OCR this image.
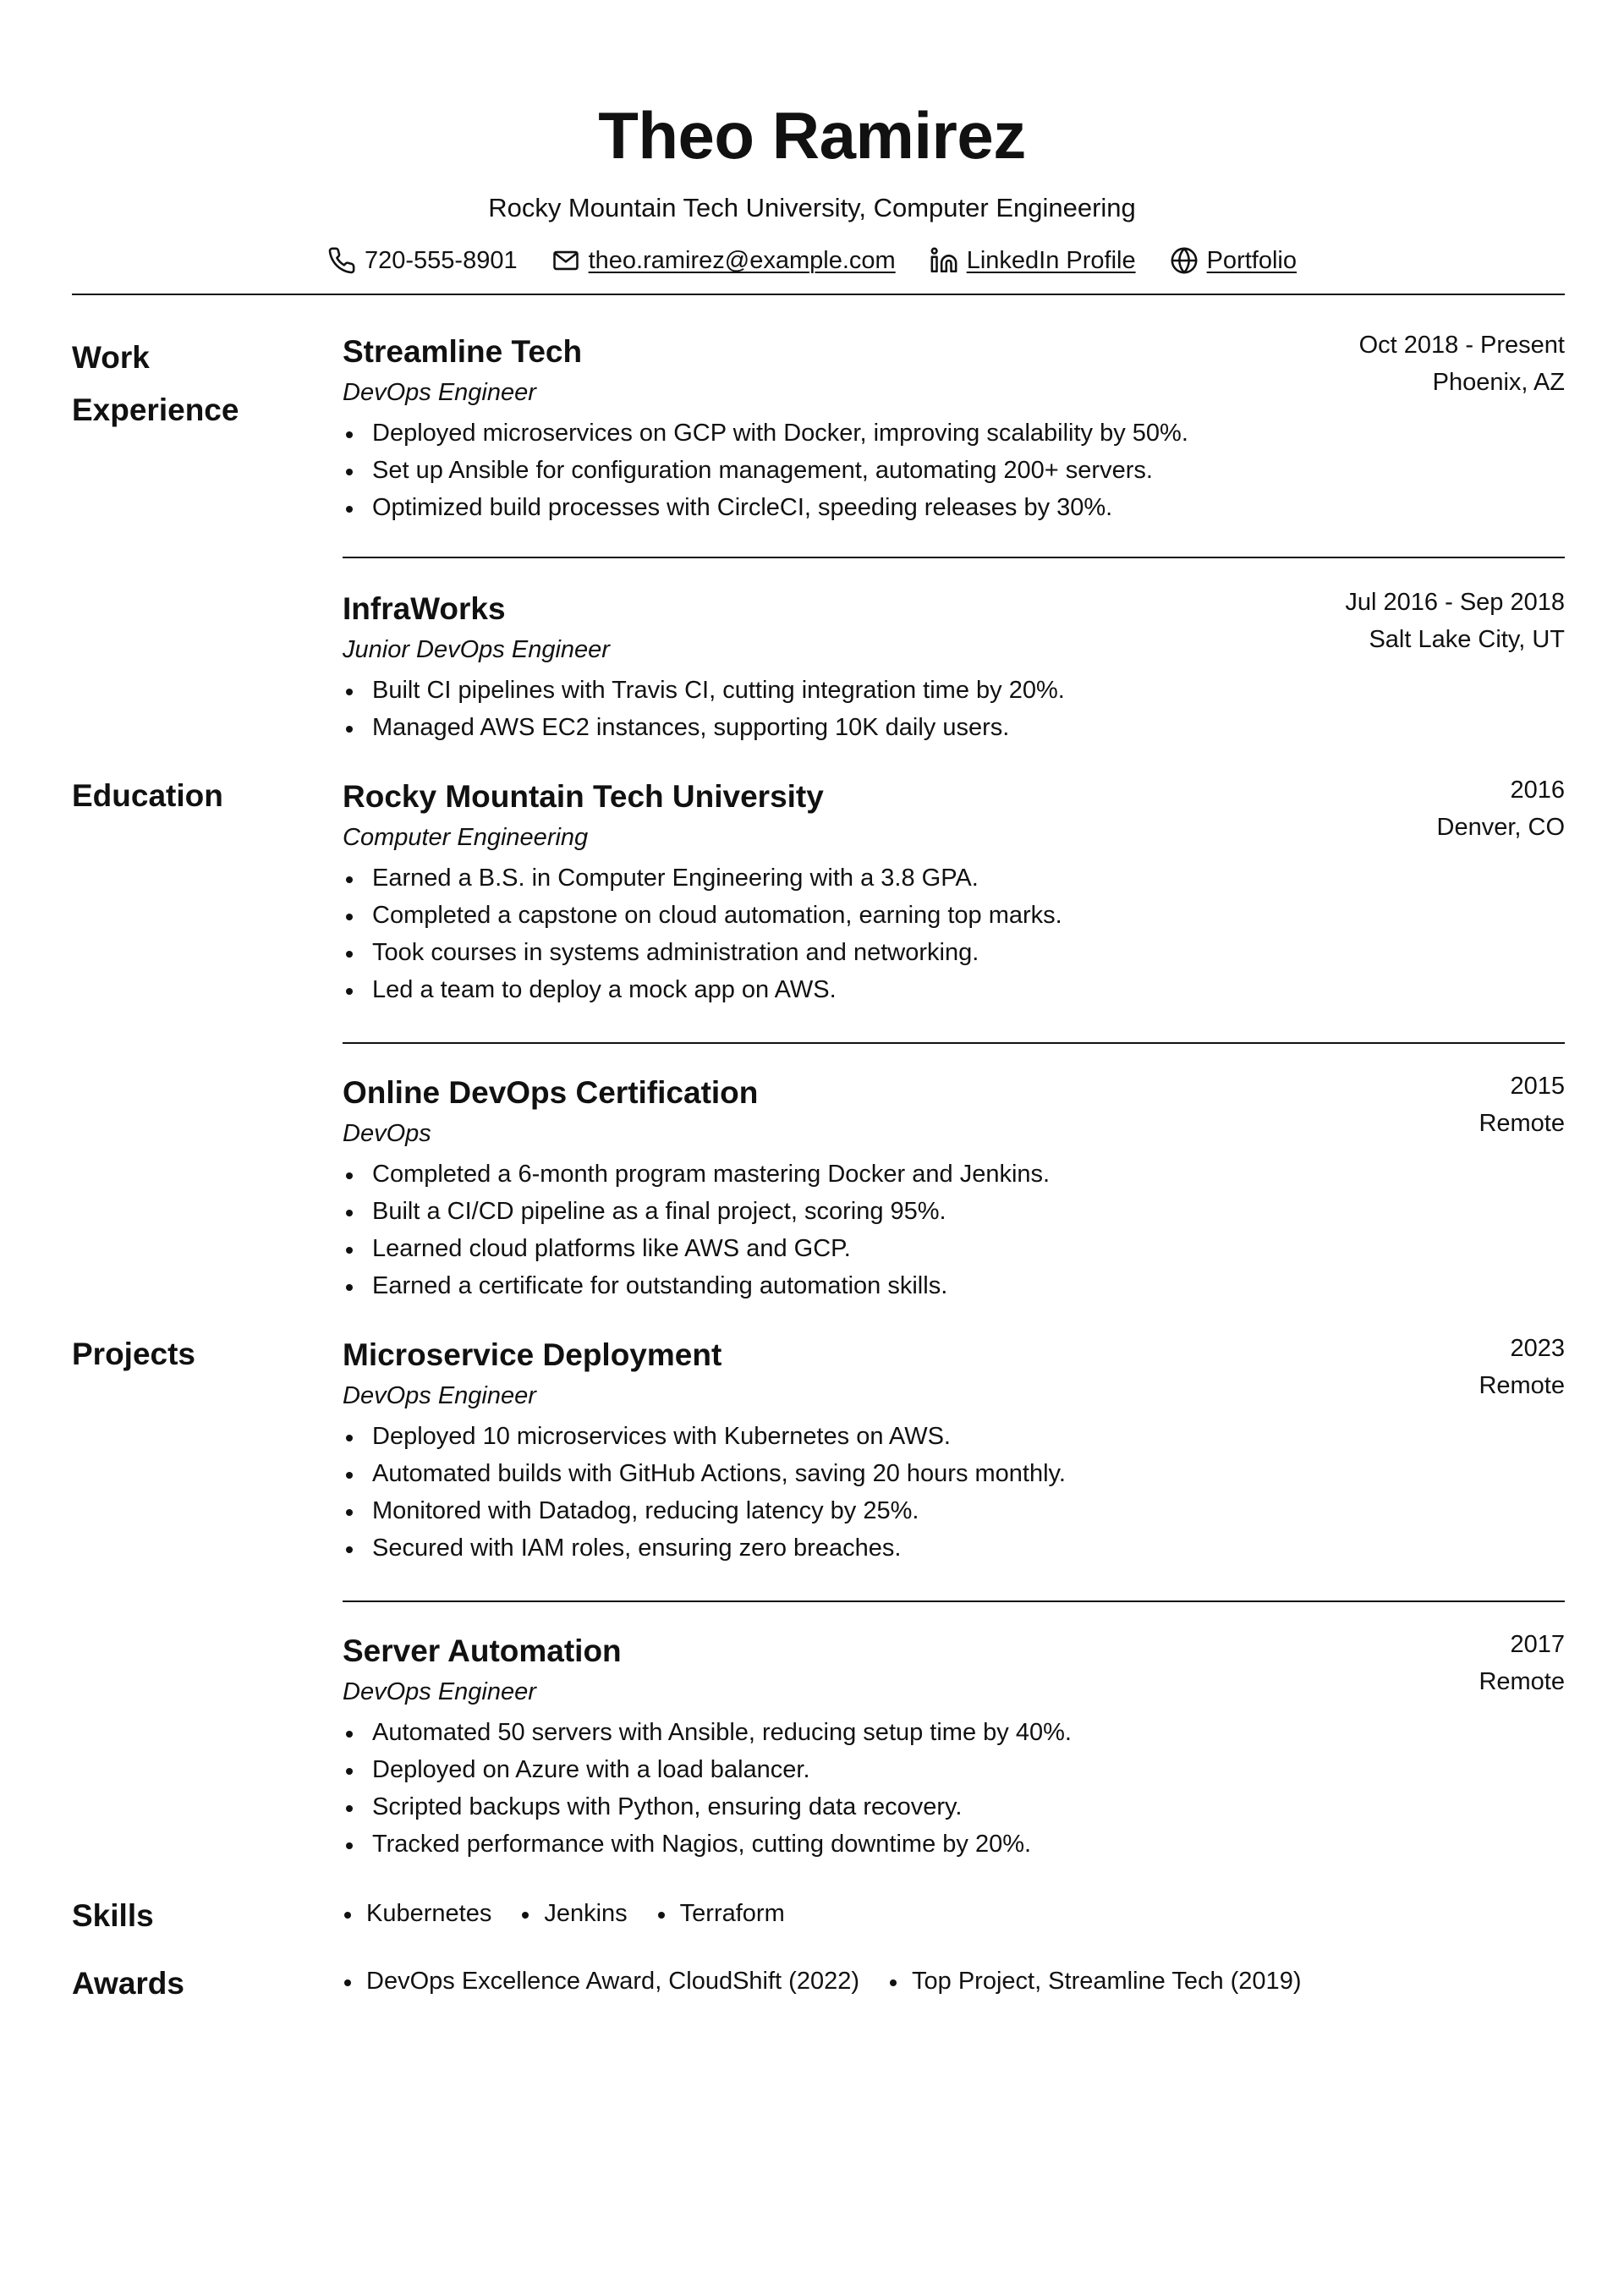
Theo Ramirez
Rocky Mountain Tech University, Computer Engineering
720-555-8901	theo.ramirez@example.com	LinkedIn Profile	Portfolio
Work
Experience
Streamline Tech
DevOps Engineer
Oct 2018 - Present
Phoenix, AZ
Deployed microservices on GCP with Docker, improving scalability by 50%.
Set up Ansible for configuration management, automating 200+ servers.
Optimized build processes with CircleCI, speeding releases by 30%.
InfraWorks
Junior DevOps Engineer
Jul 2016 - Sep 2018
Salt Lake City, UT
Built CI pipelines with Travis CI, cutting integration time by 20%.
Managed AWS EC2 instances, supporting 10K daily users.
Education	Rocky Mountain Tech University
Computer Engineering
2016
Denver, CO
Earned a B.S. in Computer Engineering with a 3.8 GPA.
Completed a capstone on cloud automation, earning top marks.
Took courses in systems administration and networking.
Led a team to deploy a mock app on AWS.
Online DevOps Certification
DevOps
2015
Remote
Completed a 6-month program mastering Docker and Jenkins.
Built a CI/CD pipeline as a final project, scoring 95%.
Learned cloud platforms like AWS and GCP.
Earned a certificate for outstanding automation skills.
Projects	Microservice Deployment
DevOps Engineer
2023
Remote
Deployed 10 microservices with Kubernetes on AWS.
Automated builds with GitHub Actions, saving 20 hours monthly.
Monitored with Datadog, reducing latency by 25%.
Secured with IAM roles, ensuring zero breaches.
Server Automation
DevOps Engineer
2017
Remote
Automated 50 servers with Ansible, reducing setup time by 40%.
Deployed on Azure with a load balancer.
Scripted backups with Python, ensuring data recovery.
Tracked performance with Nagios, cutting downtime by 20%.
Skills	Kubernetes	Jenkins	Terraform
Awards	DevOps Excellence Award, CloudShift (2022)	Top Project, Streamline Tech (2019)
